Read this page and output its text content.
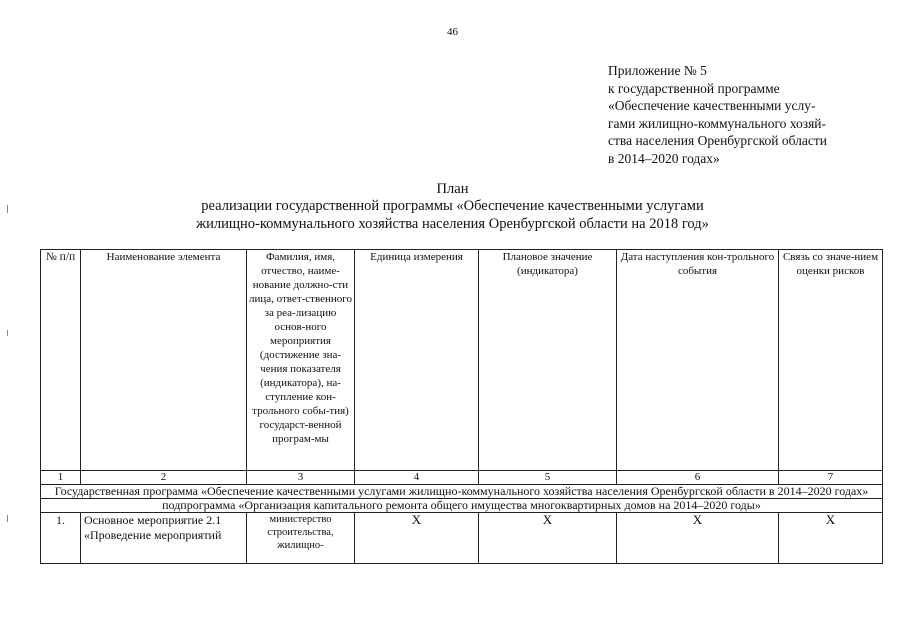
46
Приложение № 5
к государственной программе
«Обеспечение качественными услу-
гами жилищно-коммунального хозяй-
ства населения Оренбургской области
в 2014–2020 годах»
План
реализации государственной программы «Обеспечение качественными услугами
жилищно-коммунального хозяйства населения Оренбургской области на 2018 год»
№ п/п	Наименование элемента	Фамилия, имя, отчество, наиме-нование должно-сти лица, ответ-ственного за реа-лизацию основ-ного мероприятия (достижение зна-чения показателя (индикатора), на-ступление кон-трольного собы-тия) государст-венной програм-мы	Единица измерения	Плановое значение (индикатора)	Дата наступления кон-трольного события	Связь со значе-нием оценки рисков
1	2	3	4	5	6	7
Государственная программа «Обеспечение качественными услугами жилищно-коммунального хозяйства населения Оренбургской области в 2014–2020 годах»						
подпрограмма «Организация капитального ремонта общего имущества многоквартирных домов на 2014–2020 годы»						
1.	Основное мероприятие 2.1 «Проведение мероприятий	министерство строительства, жилищно-	X	X	X	X
